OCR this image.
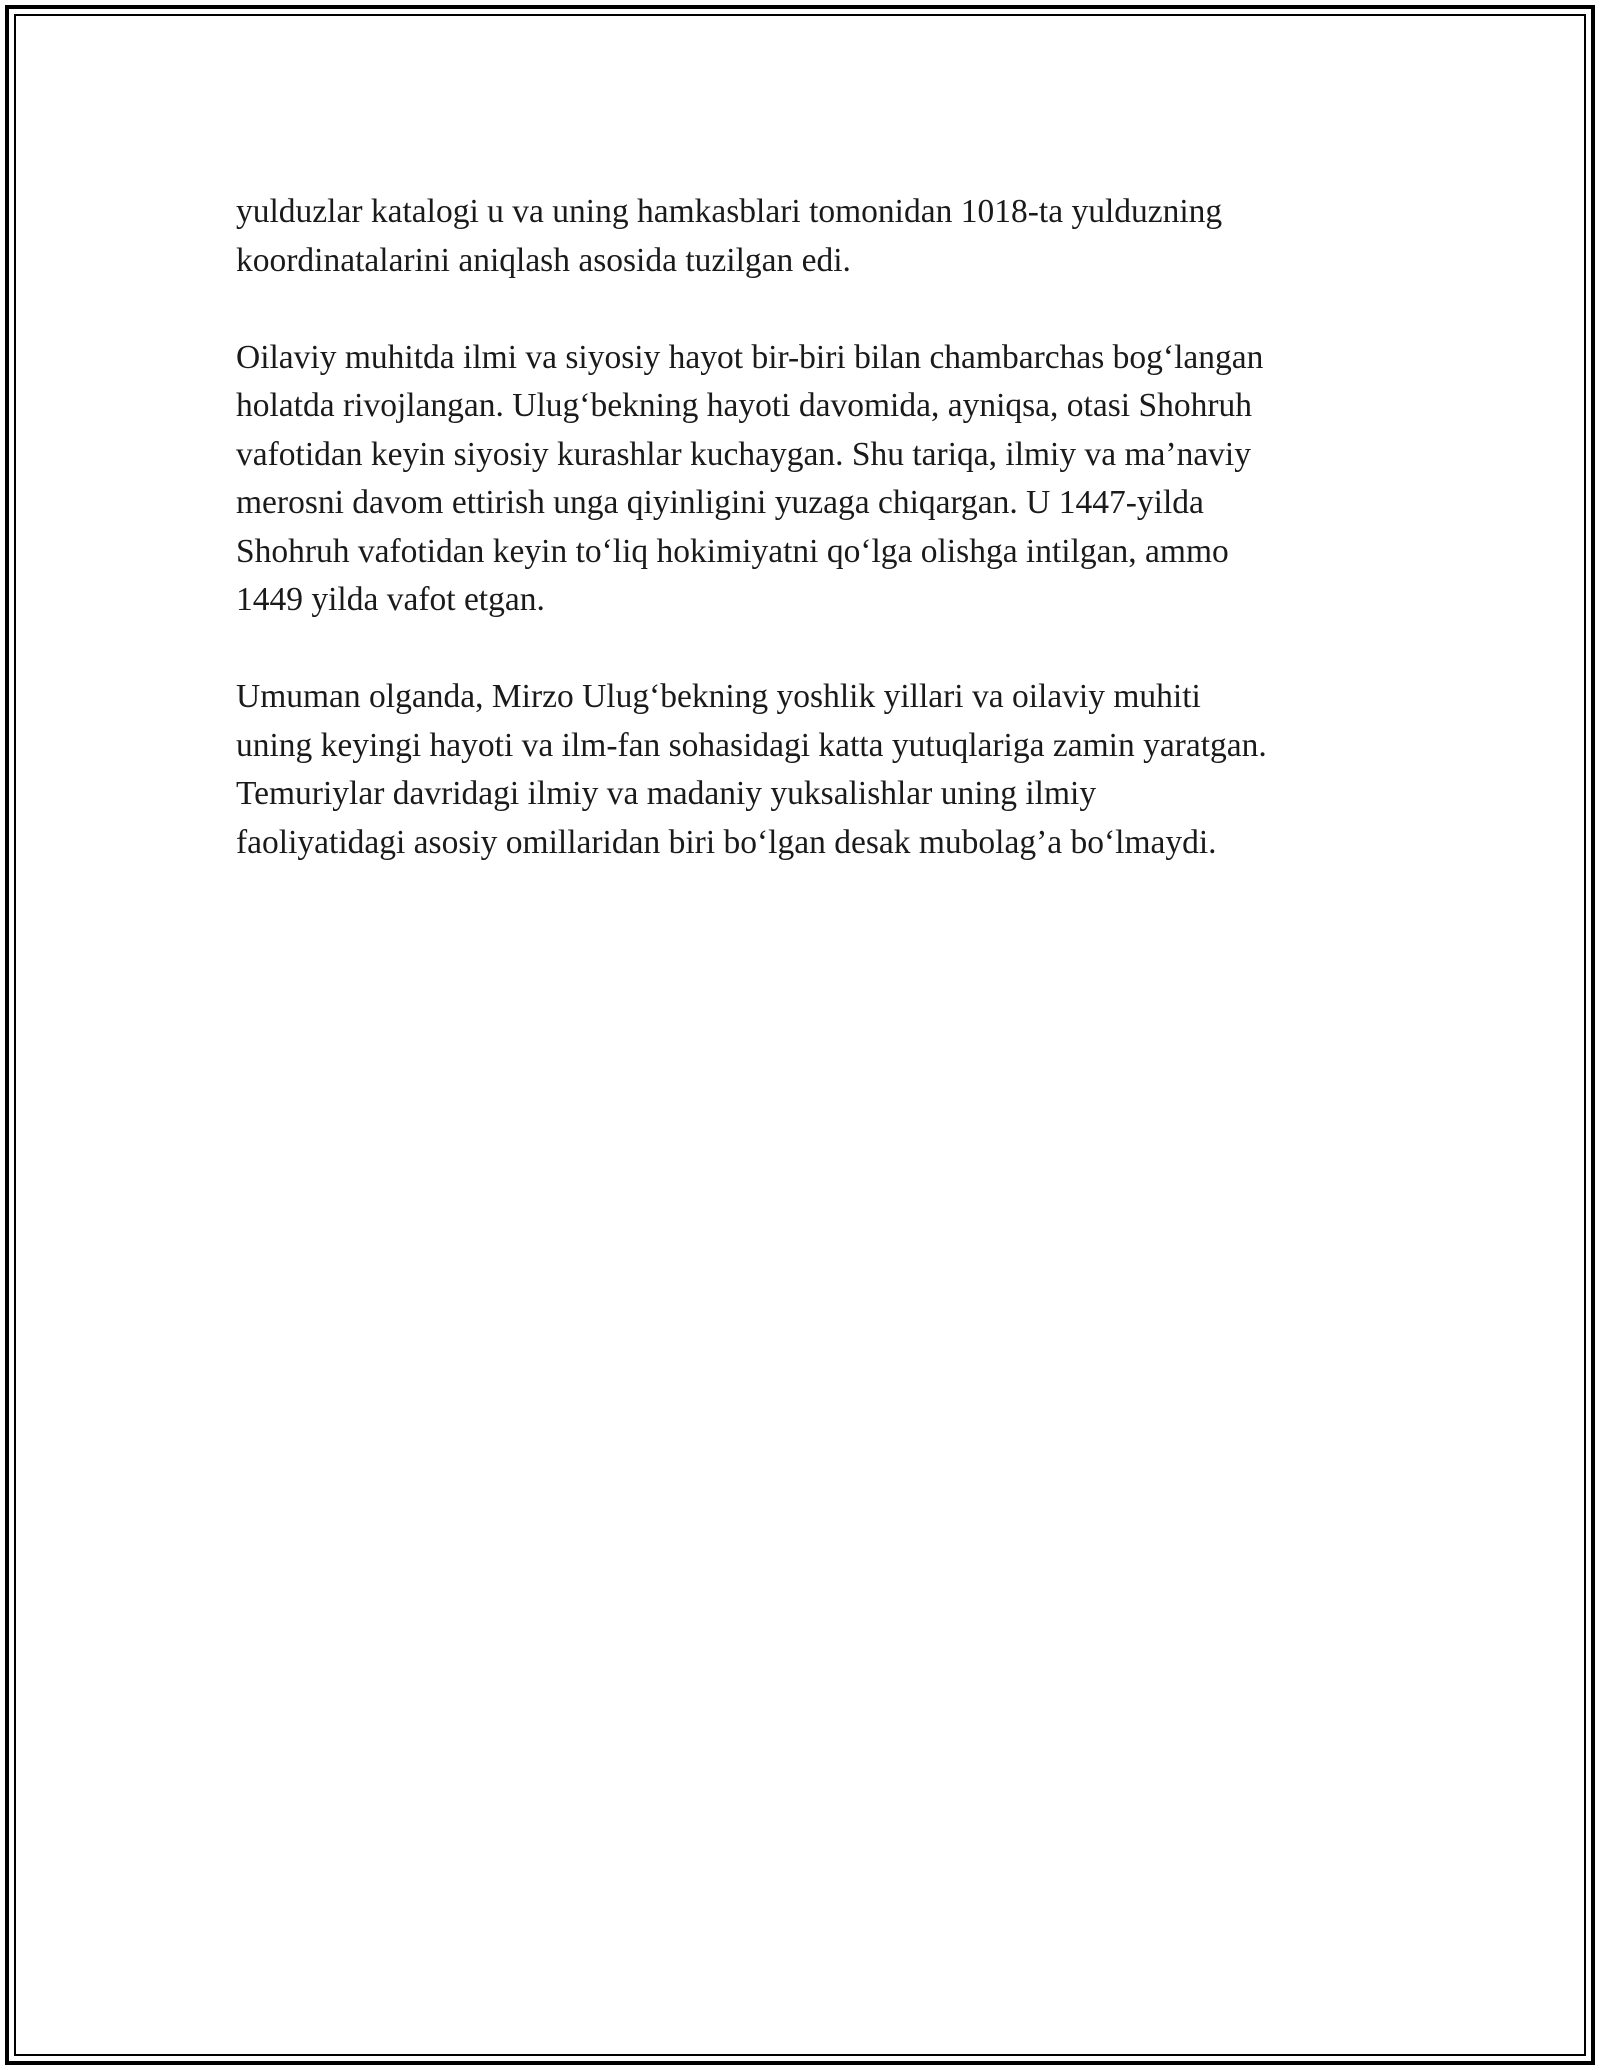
yulduzlar katalogi u va uning hamkasblari tomonidan 1018-ta yulduzning
koordinatalarini aniqlash asosida tuzilgan edi.

Oilaviy muhitda ilmi va siyosiy hayot bir-biri bilan chambarchas bog‘langan
holatda rivojlangan. Ulug‘bekning hayoti davomida, ayniqsa, otasi Shohruh
vafotidan keyin siyosiy kurashlar kuchaygan. Shu tariqa, ilmiy va ma’naviy
merosni davom ettirish unga qiyinligini yuzaga chiqargan. U 1447-yilda
Shohruh vafotidan keyin to‘liq hokimiyatni qo‘lga olishga intilgan, ammo
1449 yilda vafot etgan.

Umuman olganda, Mirzo Ulug‘bekning yoshlik yillari va oilaviy muhiti
uning keyingi hayoti va ilm-fan sohasidagi katta yutuqlariga zamin yaratgan.
Temuriylar davridagi ilmiy va madaniy yuksalishlar uning ilmiy
faoliyatidagi asosiy omillaridan biri bo‘lgan desak mubolag’a bo‘lmaydi.
